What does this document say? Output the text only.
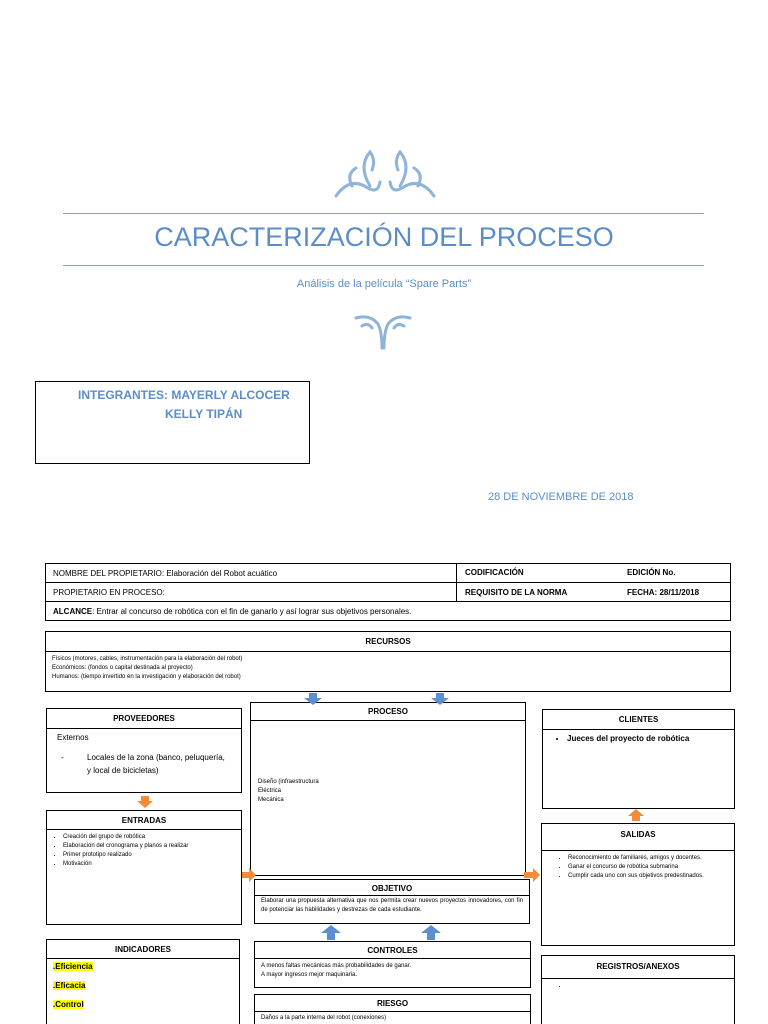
CARACTERIZACIÓN DEL PROCESO
Análisis de la película “Spare Parts”
INTEGRANTES: MAYERLY ALCOCER
KELLY TIPÁN
28 DE NOVIEMBRE DE 2018
NOMBRE DEL PROPIETARIO: Elaboración del Robot acuático	CODIFICACIÓN	EDICIÓN No.
PROPIETARIO EN PROCESO:	REQUISITO DE LA NORMA	FECHA: 28/11/2018
ALCANCE: Entrar al concurso de robótica con el fin de ganarlo y así lograr sus objetivos personales.
RECURSOS
Físicos (motores, cables, instrumentación para la elaboración del robot)
Económicos: (fondos o capital destinada al proyecto)
Humanos: (tiempo invertido en la investigación y elaboración del robot)
PROVEEDORES
Externos
-	Locales de la zona (banco, peluquería, y local de bicicletas)
PROCESO
Diseño (infraestructura
Eléctrica
Mecánica
CLIENTES
• Jueces del proyecto de robótica
ENTRADAS
• Creación del grupo de robótica
• Elaboración del cronograma y planos a realizar
• Primer prototipo realizado
• Motivación
SALIDAS
• Reconocimiento de familiares, amigos y docentes.
• Ganar el concurso de robótica submarina
• Cumplir cada uno con sus objetivos predestinados.
OBJETIVO
Elaborar una propuesta alternativa que nos permita crear nuevos proyectos innovadores, con fin de potenciar las habilidades y destrezas de cada estudiante.
INDICADORES
.Eficiencia
.Eficacia
.Control
CONTROLES
A menos faltas mecánicas más probabilidades de ganar.
A mayor ingresos mejor maquinaria.
REGISTROS/ANEXOS
RIESGO
Daños a la parte interna del robot (conexiones)
